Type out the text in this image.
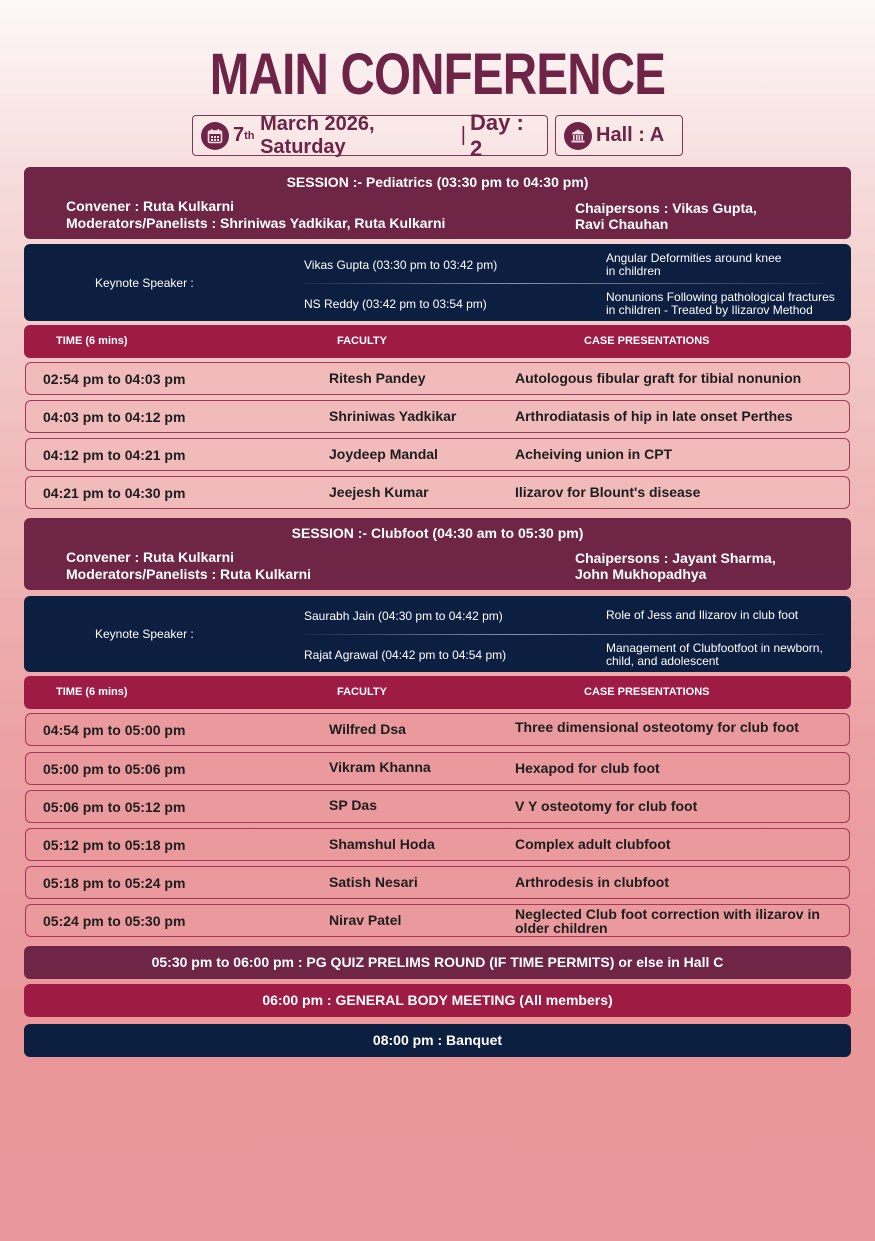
MAIN CONFERENCE
7 th

March 2026, Saturday
|
Day : 2
Hall : A
SESSION :- Pediatrics (03:30 pm to 04:30 pm)
Convener : Ruta Kulkarni
Moderators/Panelists : Shriniwas Yadkikar, Ruta Kulkarni
Chaipersons : Vikas Gupta,
Ravi Chauhan
Keynote Speaker :
Vikas Gupta (03:30 pm to 03:42 pm)	Angular Deformities around knee
in children
NS Reddy (03:42 pm to 03:54 pm)	Nonunions Following pathological fractures
in children - Treated by Ilizarov Method
TIME (6 mins)	FACULTY	CASE PRESENTATIONS
02:54 pm to 04:03 pm	Ritesh Pandey	Autologous fibular graft for tibial nonunion
04:03 pm to 04:12 pm	Shriniwas Yadkikar	Arthrodiatasis of hip in late onset Perthes
04:12 pm to 04:21 pm	Joydeep Mandal	Acheiving union in CPT
04:21 pm to 04:30 pm	Jeejesh Kumar	Ilizarov for Blount's disease
SESSION :- Clubfoot (04:30 am to 05:30 pm)
Convener : Ruta Kulkarni
Moderators/Panelists : Ruta Kulkarni
Chaipersons : Jayant Sharma,
John Mukhopadhya
Keynote Speaker :
Saurabh Jain (04:30 pm to 04:42 pm)	Role of Jess and Ilizarov in club foot
Rajat Agrawal (04:42 pm to 04:54 pm)	Management of Clubfootfoot in newborn,
child, and adolescent
TIME (6 mins)	FACULTY	CASE PRESENTATIONS
04:54 pm to 05:00 pm	Wilfred Dsa	Three dimensional osteotomy for club foot
05:00 pm to 05:06 pm	Vikram Khanna	Hexapod for club foot
05:06 pm to 05:12 pm	SP Das	V Y osteotomy for club foot
05:12 pm to 05:18 pm	Shamshul Hoda	Complex adult clubfoot
05:18 pm to 05:24 pm	Satish Nesari	Arthrodesis in clubfoot
05:24 pm to 05:30 pm	Nirav Patel	Neglected Club foot correction with ilizarov in older children
05:30 pm to 06:00 pm : PG QUIZ PRELIMS ROUND (IF TIME PERMITS) or else in Hall C
06:00 pm : GENERAL BODY MEETING (All members)
08:00 pm : Banquet
